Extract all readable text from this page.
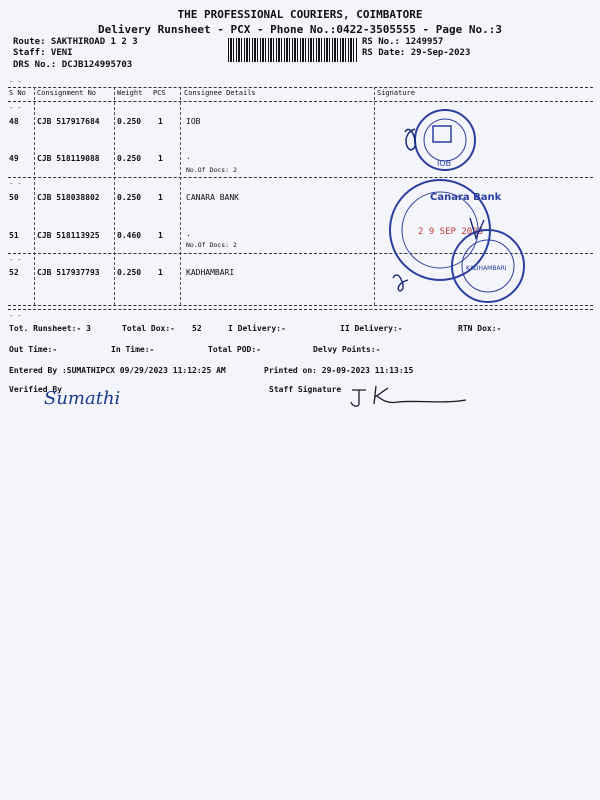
THE PROFESSIONAL COURIERS, COIMBATORE
Delivery Runsheet - PCX - Phone No.:0422-3505555 - Page No.:3
Route: SAKTHIROAD 1 2 3
Staff: VENI
DRS No.: DCJB124995703
RS No.: 1249957
RS Date: 29-Sep-2023
- -
S No Consignment No	Weight PCS	Consignee Details	Signature
- -
48 CJB 517917684 0.250 1	IOB
49 CJB 518119088 0.250 1	.
No.Of Docs: 2
- -
50 CJB 518038802 0.250 1	CANARA BANK
51 CJB 518113925 0.460 1	.
No.Of Docs: 2
- -
52 CJB 517937793 0.250 1	KADHAMBARI
- -
IOB
Canara Bank
2 9 SEP 2023
KADHAMBARI
Tot. Runsheet:- 3	Total Dox:- 52	I Delivery:-	II Delivery:-	RTN Dox:-
Out Time:-	In Time:-	Total POD:-	Delvy Points:-
Entered By :SUMATHIPCX 09/29/2023 11:12:25 AM	Printed on: 29-09-2023 11:13:15
Verified By
Sumathi	Staff Signature
